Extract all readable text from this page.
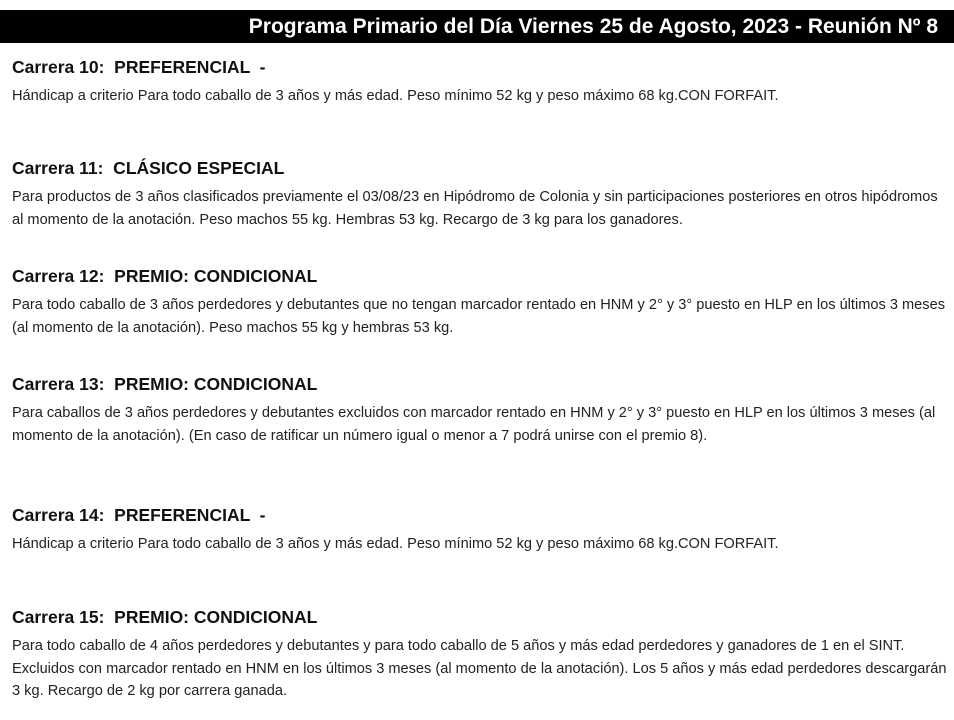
Programa Primario del Día Viernes 25 de Agosto, 2023 - Reunión Nº 8
Carrera 10:  PREFERENCIAL  -
Hándicap a criterio Para todo caballo de 3 años y más edad. Peso mínimo 52 kg y peso máximo 68 kg.CON FORFAIT.
Carrera 11:  CLÁSICO ESPECIAL
Para productos de 3 años clasificados previamente el 03/08/23 en Hipódromo de Colonia y sin participaciones posteriores en otros hipódromos al momento de la anotación. Peso machos 55 kg. Hembras 53 kg. Recargo de 3 kg para los ganadores.
Carrera 12:  PREMIO: CONDICIONAL
Para todo caballo de 3 años perdedores y debutantes que no tengan marcador rentado en HNM y 2° y 3° puesto en HLP en los últimos 3 meses (al momento de la anotación). Peso machos 55 kg y hembras 53 kg.
Carrera 13:  PREMIO: CONDICIONAL
Para caballos de 3 años perdedores y debutantes excluidos con marcador rentado en HNM y 2° y 3° puesto en HLP en los últimos 3 meses (al momento de la anotación). (En caso de ratificar un número igual o menor a 7 podrá unirse con el premio 8).
Carrera 14:  PREFERENCIAL  -
Hándicap a criterio Para todo caballo de 3 años y más edad. Peso mínimo 52 kg y peso máximo 68 kg.CON FORFAIT.
Carrera 15:  PREMIO: CONDICIONAL
Para todo caballo de 4 años perdedores y debutantes y para todo caballo de 5 años y más edad perdedores y ganadores de 1 en el SINT. Excluidos con marcador rentado en HNM en los últimos 3 meses (al momento de la anotación). Los 5 años y más edad perdedores descargarán 3 kg. Recargo de 2 kg por carrera ganada.
